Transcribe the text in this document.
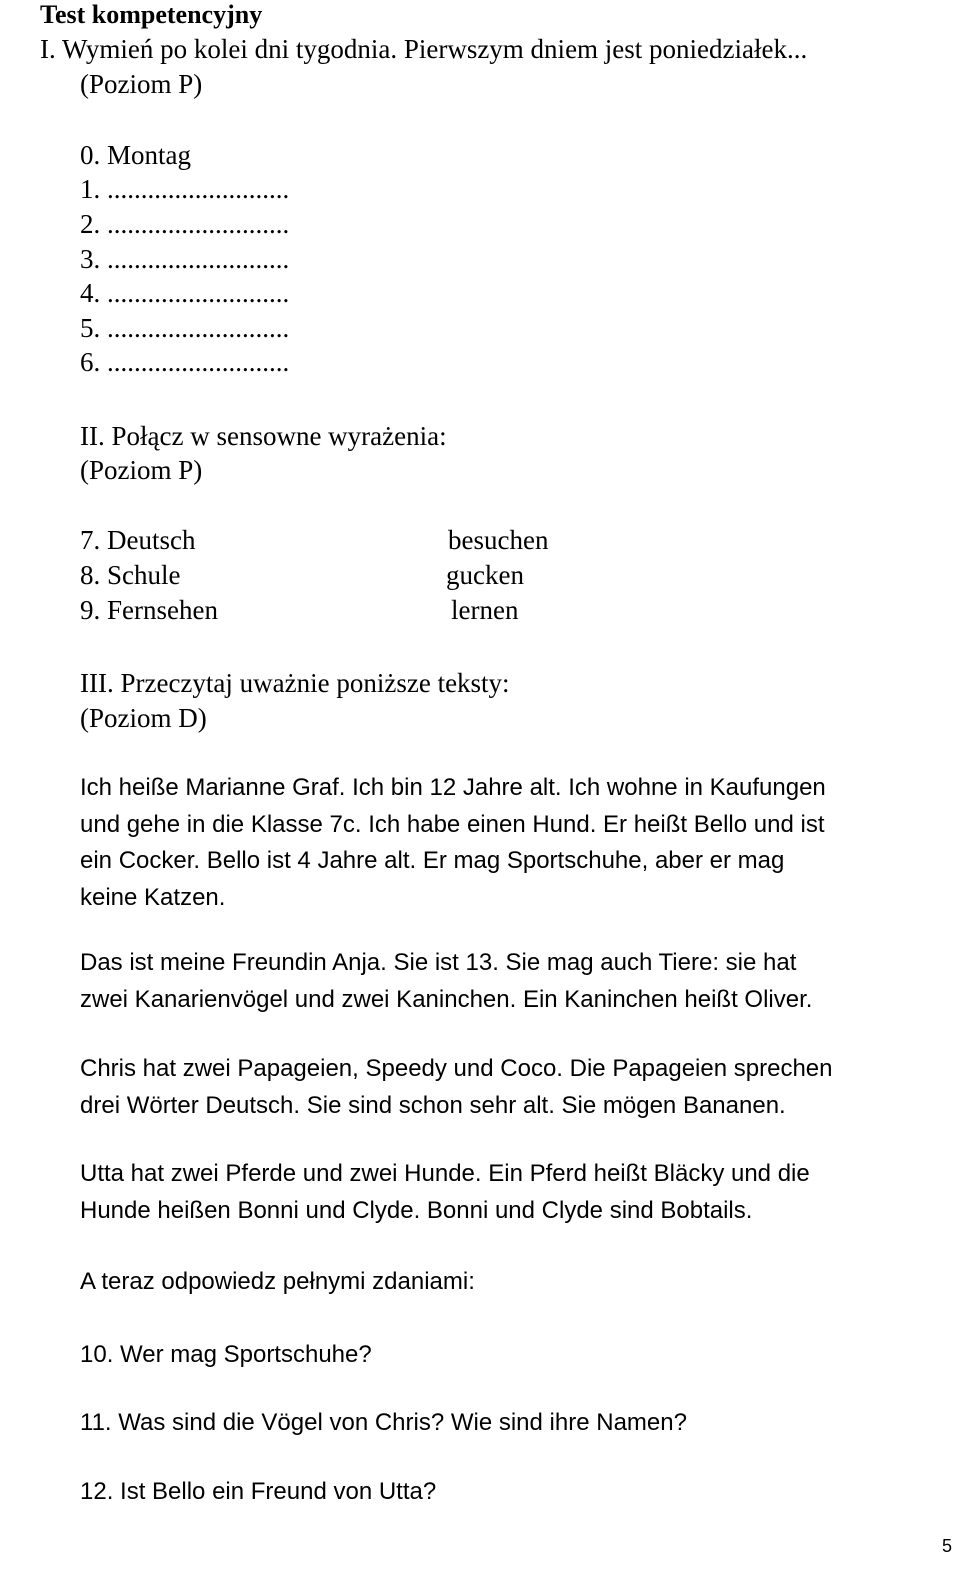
Test kompetencyjny
I. Wymień po kolei dni tygodnia. Pierwszym dniem jest poniedziałek...
(Poziom P)
0. Montag
1. ...........................
2. ...........................
3. ...........................
4. ...........................
5. ...........................
6. ...........................
II. Połącz w sensowne wyrażenia:
(Poziom P)
7. Deutsch
8. Schule
9. Fernsehen
besuchen
gucken
lernen
III. Przeczytaj uważnie poniższe teksty:
(Poziom D)
Ich heiße Marianne Graf. Ich bin 12 Jahre alt. Ich wohne in Kaufungen
und gehe in die Klasse 7c. Ich habe einen Hund. Er heißt Bello und ist
ein Cocker. Bello ist 4 Jahre alt. Er mag Sportschuhe, aber er mag
keine Katzen.
Das ist meine Freundin Anja. Sie ist 13. Sie mag auch Tiere: sie hat
zwei Kanarienvögel und zwei Kaninchen. Ein Kaninchen heißt Oliver.
Chris hat zwei Papageien, Speedy und Coco. Die Papageien sprechen
drei Wörter Deutsch. Sie sind schon sehr alt. Sie mögen Bananen.
Utta hat zwei Pferde und zwei Hunde. Ein Pferd heißt Bläcky und die
Hunde heißen Bonni und Clyde. Bonni und Clyde sind Bobtails.
A teraz odpowiedz pełnymi zdaniami:
10. Wer mag Sportschuhe?
11. Was sind die Vögel von Chris? Wie sind ihre Namen?
12. Ist Bello ein Freund von Utta?
5
